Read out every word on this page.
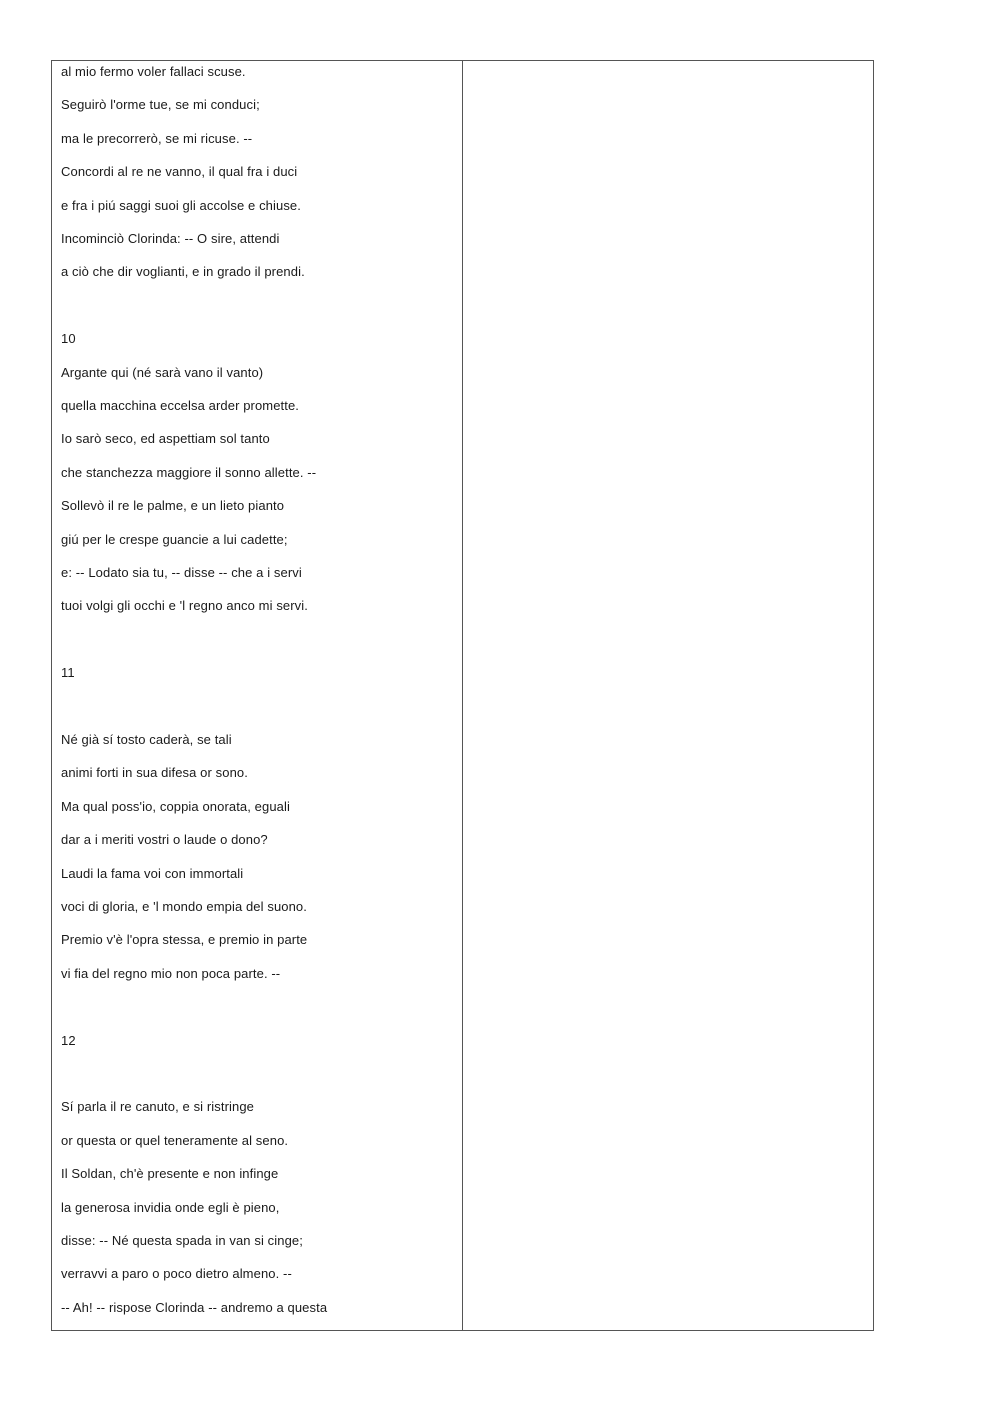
al mio fermo voler fallaci scuse.
Seguirò l'orme tue, se mi conduci;
ma le precorrerò, se mi ricuse. --
Concordi al re ne vanno, il qual fra i duci
e fra i piú saggi suoi gli accolse e chiuse.
Incominciò Clorinda: -- O sire, attendi
a ciò che dir voglianti, e in grado il prendi.
10
Argante qui (né sarà vano il vanto)
quella macchina eccelsa arder promette.
Io sarò seco, ed aspettiam sol tanto
che stanchezza maggiore il sonno allette. --
Sollevò il re le palme, e un lieto pianto
giú per le crespe guancie a lui cadette;
e: -- Lodato sia tu, -- disse -- che a i servi
tuoi volgi gli occhi e 'l regno anco mi servi.
11
Né già sí tosto caderà, se tali
animi forti in sua difesa or sono.
Ma qual poss'io, coppia onorata, eguali
dar a i meriti vostri o laude o dono?
Laudi la fama voi con immortali
voci di gloria, e 'l mondo empia del suono.
Premio v'è l'opra stessa, e premio in parte
vi fia del regno mio non poca parte. --
12
Sí parla il re canuto, e si ristringe
or questa or quel teneramente al seno.
Il Soldan, ch'è presente e non infinge
la generosa invidia onde egli è pieno,
disse: -- Né questa spada in van si cinge;
verravvi a paro o poco dietro almeno. --
-- Ah! -- rispose Clorinda -- andremo a questa
